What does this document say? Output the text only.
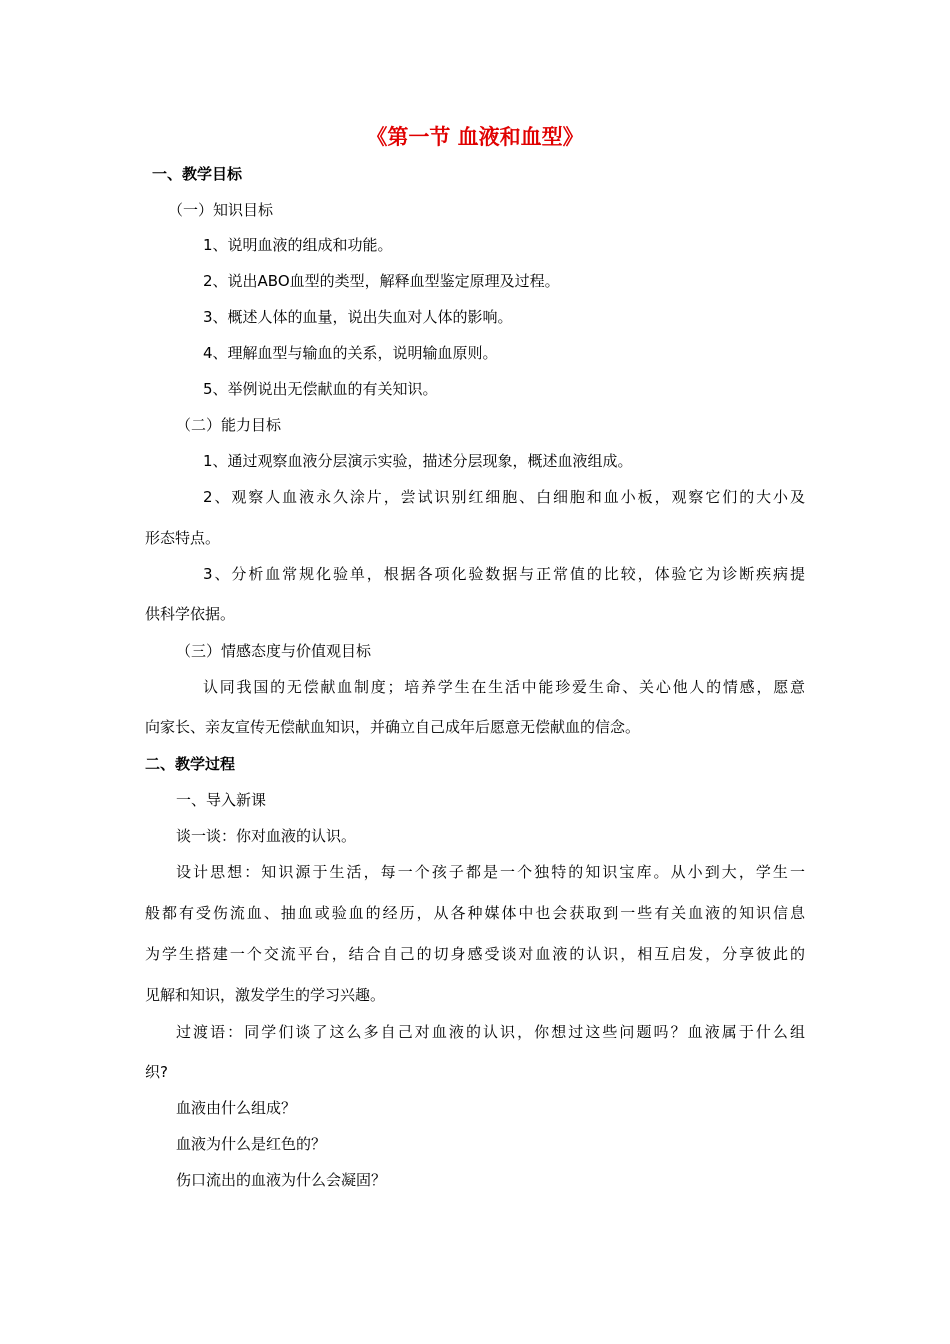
《第一节 血液和血型》
一、教学目标
（一）知识目标
1、说明血液的组成和功能。
2、说出ABO血型的类型，解释血型鉴定原理及过程。
3、概述人体的血量，说出失血对人体的影响。
4、理解血型与输血的关系，说明输血原则。
5、举例说出无偿献血的有关知识。
（二）能力目标
1、通过观察血液分层演示实验，描述分层现象，概述血液组成。
2、观察人血液永久涂片，尝试识别红细胞、白细胞和血小板，观察它们的大小及
形态特点。
3、分析血常规化验单，根据各项化验数据与正常值的比较，体验它为诊断疾病提
供科学依据。
（三）情感态度与价值观目标
认同我国的无偿献血制度；培养学生在生活中能珍爱生命、关心他人的情感，愿意
向家长、亲友宣传无偿献血知识，并确立自己成年后愿意无偿献血的信念。
二、教学过程
一、导入新课
谈一谈：你对血液的认识。
设计思想：知识源于生活，每一个孩子都是一个独特的知识宝库。从小到大，学生一
般都有受伤流血、抽血或验血的经历，从各种媒体中也会获取到一些有关血液的知识信息
为学生搭建一个交流平台，结合自己的切身感受谈对血液的认识，相互启发，分享彼此的
见解和知识，激发学生的学习兴趣。
过渡语：同学们谈了这么多自己对血液的认识，你想过这些问题吗？血液属于什么组
织?
血液由什么组成？
血液为什么是红色的？
伤口流出的血液为什么会凝固？
